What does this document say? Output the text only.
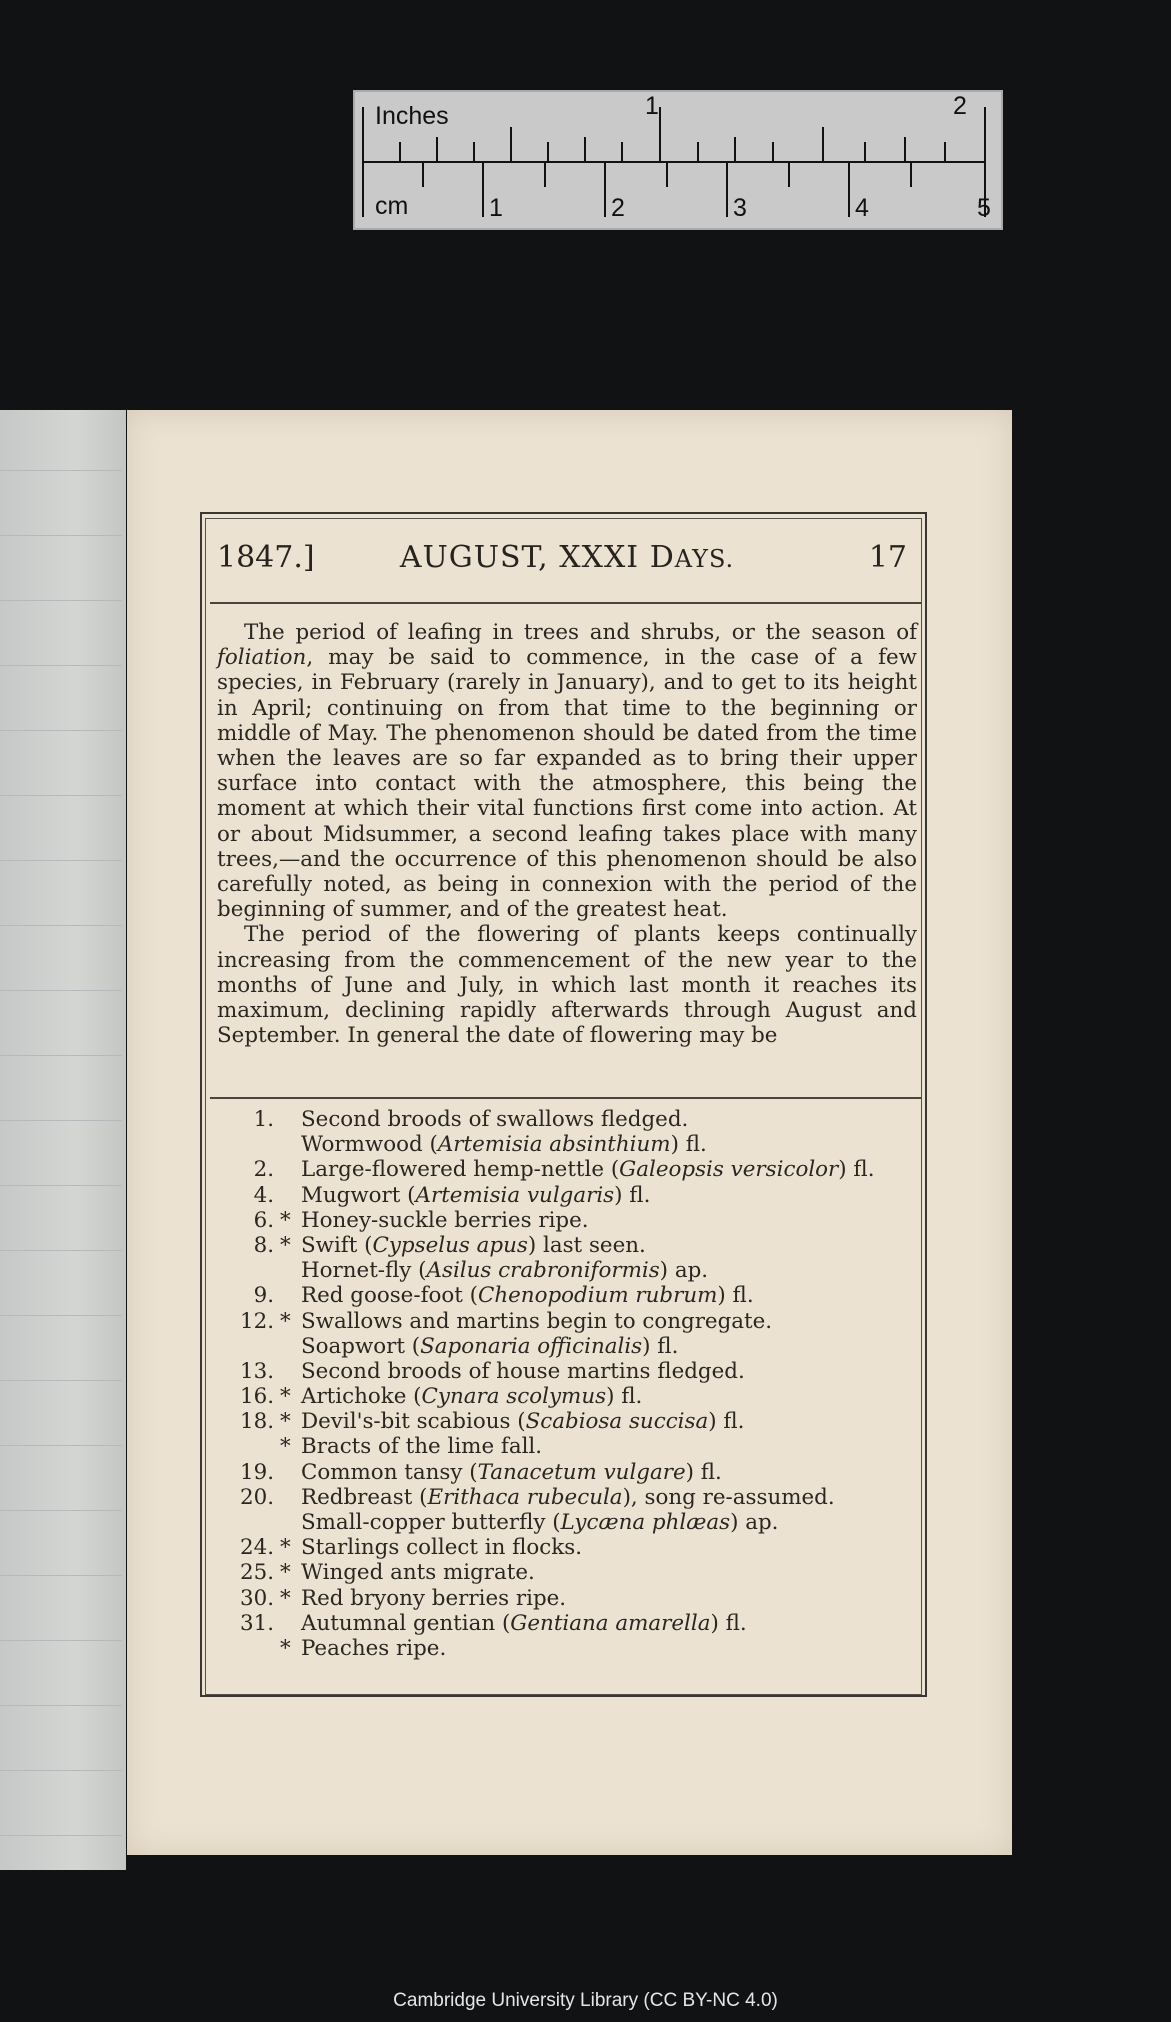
Inches	1	2
cm	1	2	3	4	5
1847.]	AUGUST, XXXI DAYS.	17

The period of leafing in trees and shrubs, or the season of foliation, may be said to commence, in the case of a few species, in February (rarely in January), and to get to its height in April; continuing on from that time to the beginning or middle of May. The phenomenon should be dated from the time when the leaves are so far expanded as to bring their upper surface into contact with the atmosphere, this being the moment at which their vital functions first come into action. At or about Midsummer, a second leafing takes place with many trees,—and the occurrence of this phenomenon should be also carefully noted, as being in connexion with the period of the beginning of summer, and of the greatest heat.

The period of the flowering of plants keeps continually increasing from the commencement of the new year to the months of June and July, in which last month it reaches its maximum, declining rapidly afterwards through August and September. In general the date of flowering may be

1. Second broods of swallows fledged.
Wormwood (Artemisia absinthium) fl.
2. Large-flowered hemp-nettle (Galeopsis versicolor) fl.
4. Mugwort (Artemisia vulgaris) fl.
6. * Honey-suckle berries ripe.
8. * Swift (Cypselus apus) last seen.
Hornet-fly (Asilus crabroniformis) ap.
9. Red goose-foot (Chenopodium rubrum) fl.
12. * Swallows and martins begin to congregate.
Soapwort (Saponaria officinalis) fl.
13. Second broods of house martins fledged.
16. * Artichoke (Cynara scolymus) fl.
18. * Devil's-bit scabious (Scabiosa succisa) fl.
* Bracts of the lime fall.
19. Common tansy (Tanacetum vulgare) fl.
20. Redbreast (Erithaca rubecula), song re-assumed.
Small-copper butterfly (Lycæna phlæas) ap.
24. * Starlings collect in flocks.
25. * Winged ants migrate.
30. * Red bryony berries ripe.
31. Autumnal gentian (Gentiana amarella) fl.
* Peaches ripe.
Cambridge University Library (CC BY-NC 4.0)
